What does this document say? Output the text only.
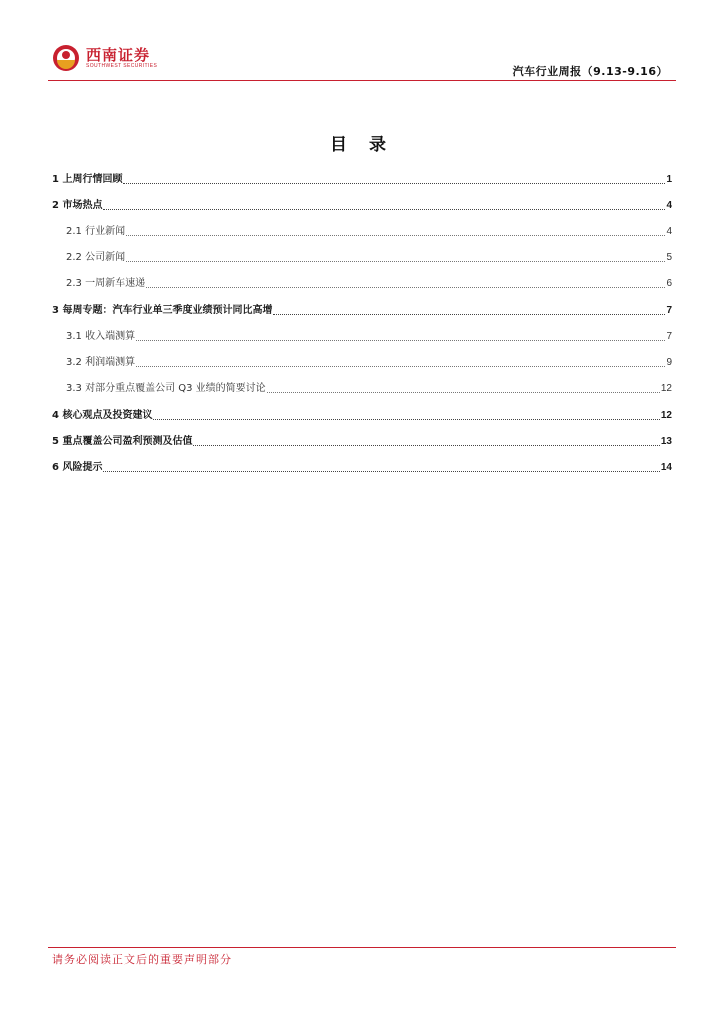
西南证券
SOUTHWEST SECURITIES	汽车行业周报（9.13-9.16）
目 录
1 上周行情回顾	1
2 市场热点	4
2.1 行业新闻	4
2.2 公司新闻	5
2.3 一周新车速递	6
3 每周专题：汽车行业单三季度业绩预计同比高增	7
3.1 收入端测算	7
3.2 利润端测算	9
3.3 对部分重点覆盖公司 Q3 业绩的简要讨论	12
4 核心观点及投资建议	12
5 重点覆盖公司盈利预测及估值	13
6 风险提示	14
请务必阅读正文后的重要声明部分
